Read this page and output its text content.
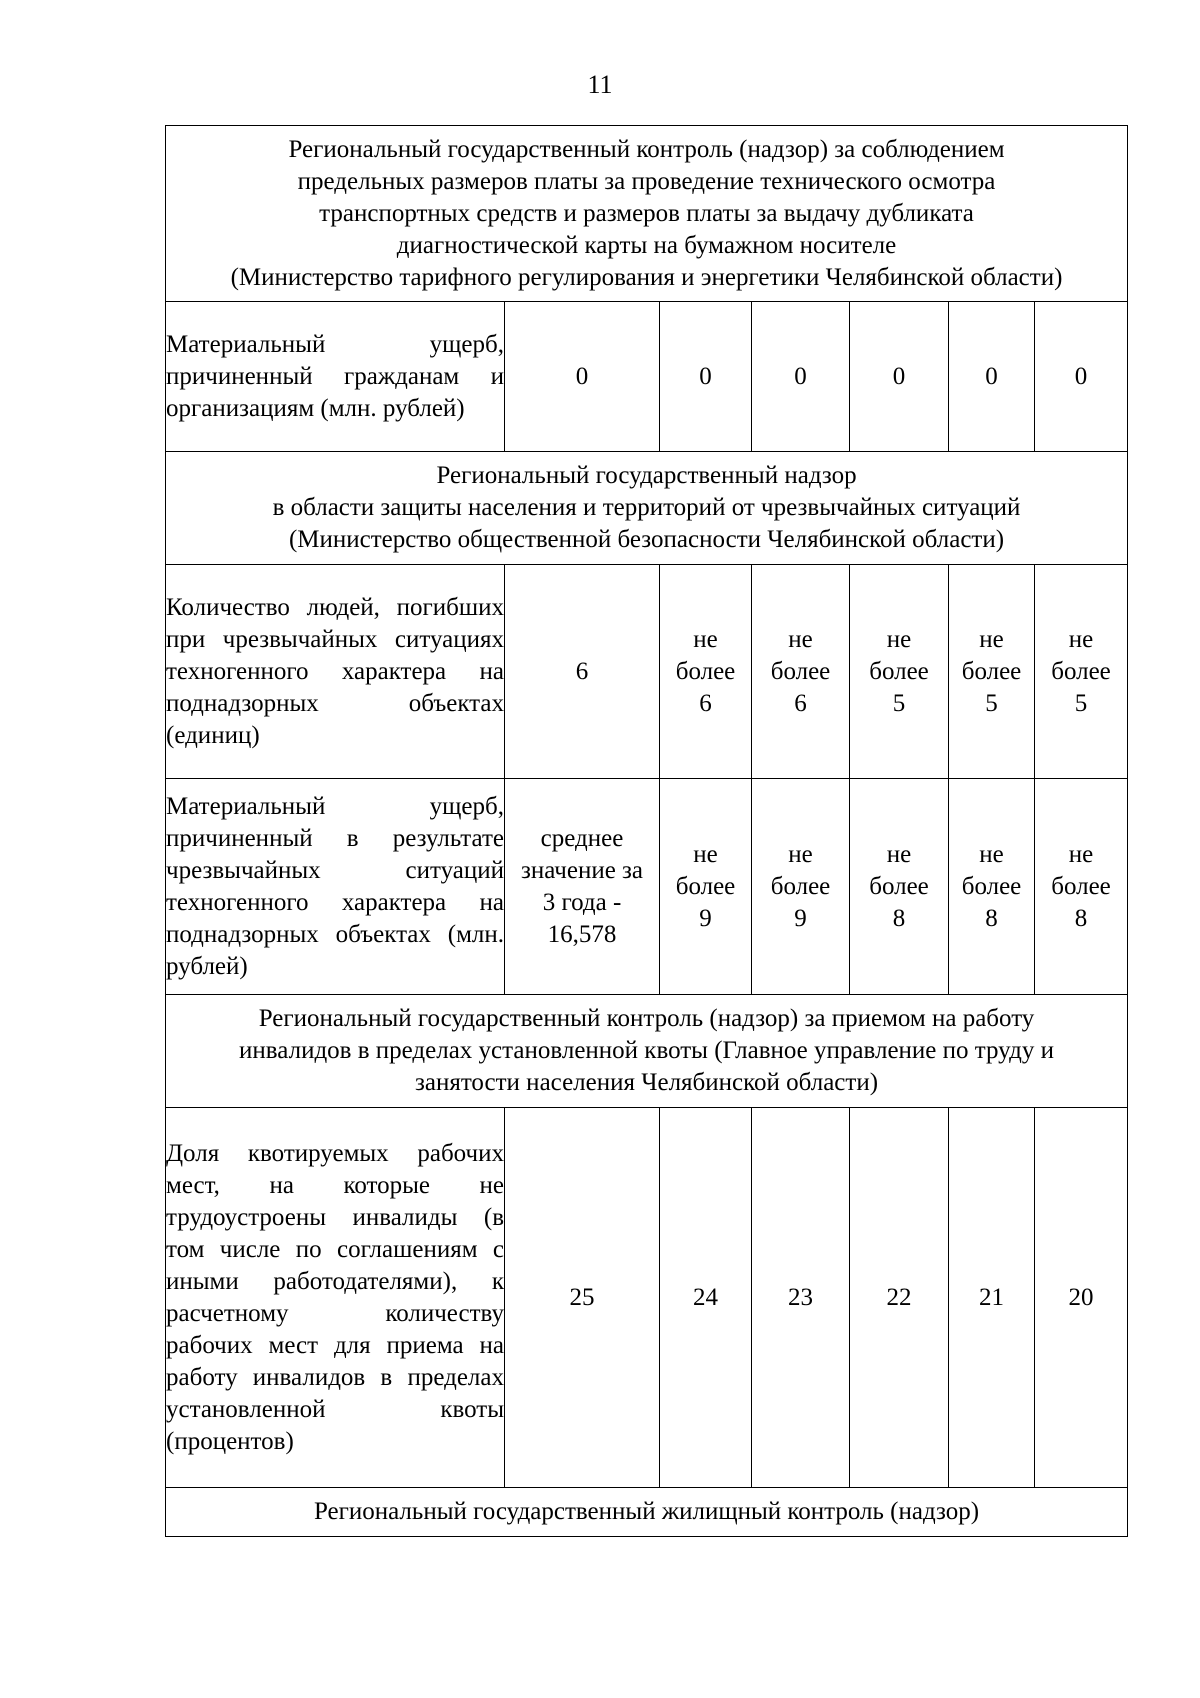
11
Региональный государственный контроль (надзор) за соблюдением
предельных размеров платы за проведение технического осмотра
транспортных средств и размеров платы за выдачу дубликата
диагностической карты на бумажном носителе
(Министерство тарифного регулирования и энергетики Челябинской области)						

Материальный ущерб, причиненный гражданам и организациям (млн. рублей)	0	0	0	0	0	0

Региональный государственный надзор
в области защиты населения и территорий от чрезвычайных ситуаций
(Министерство общественной безопасности Челябинской области)						

Количество людей, погибших при чрезвычайных ситуациях техногенного характера на поднадзорных объектах (единиц)	6	не
более
6	не
более
6	не
более
5	не
более
5	не
более
5

Материальный ущерб, причиненный в результате чрезвычайных ситуаций техногенного характера на поднадзорных объектах (млн. рублей)	среднее
значение за
3 года -
16,578	не
более
9	не
более
9	не
более
8	не
более
8	не
более
8

Региональный государственный контроль (надзор) за приемом на работу
инвалидов в пределах установленной квоты (Главное управление по труду и
занятости населения Челябинской области)						

Доля квотируемых рабочих мест, на которые не трудоустроены инвалиды (в том числе по соглашениям с иными работодателями), к расчетному количеству рабочих мест для приема на работу инвалидов в пределах установленной квоты (процентов)	25	24	23	22	21	20

Региональный государственный жилищный контроль (надзор)						
